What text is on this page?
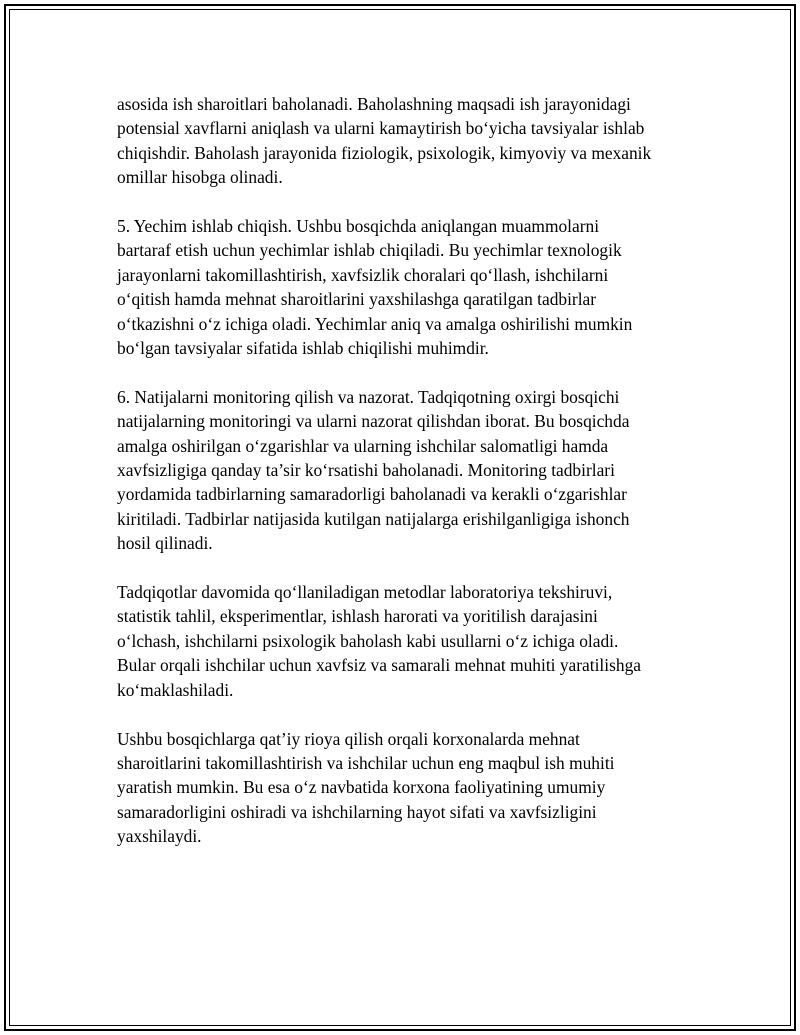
asosida ish sharoitlari baholanadi. Baholashning maqsadi ish jarayonidagi
potensial xavflarni aniqlash va ularni kamaytirish bo‘yicha tavsiyalar ishlab
chiqishdir. Baholash jarayonida fiziologik, psixologik, kimyoviy va mexanik
omillar hisobga olinadi.

5. Yechim ishlab chiqish. Ushbu bosqichda aniqlangan muammolarni
bartaraf etish uchun yechimlar ishlab chiqiladi. Bu yechimlar texnologik
jarayonlarni takomillashtirish, xavfsizlik choralari qo‘llash, ishchilarni
o‘qitish hamda mehnat sharoitlarini yaxshilashga qaratilgan tadbirlar
o‘tkazishni o‘z ichiga oladi. Yechimlar aniq va amalga oshirilishi mumkin
bo‘lgan tavsiyalar sifatida ishlab chiqilishi muhimdir.

6. Natijalarni monitoring qilish va nazorat. Tadqiqotning oxirgi bosqichi
natijalarning monitoringi va ularni nazorat qilishdan iborat. Bu bosqichda
amalga oshirilgan o‘zgarishlar va ularning ishchilar salomatligi hamda
xavfsizligiga qanday ta’sir ko‘rsatishi baholanadi. Monitoring tadbirlari
yordamida tadbirlarning samaradorligi baholanadi va kerakli o‘zgarishlar
kiritiladi. Tadbirlar natijasida kutilgan natijalarga erishilganligiga ishonch
hosil qilinadi.

Tadqiqotlar davomida qo‘llaniladigan metodlar laboratoriya tekshiruvi,
statistik tahlil, eksperimentlar, ishlash harorati va yoritilish darajasini
o‘lchash, ishchilarni psixologik baholash kabi usullarni o‘z ichiga oladi.
Bular orqali ishchilar uchun xavfsiz va samarali mehnat muhiti yaratilishga
ko‘maklashiladi.

Ushbu bosqichlarga qat’iy rioya qilish orqali korxonalarda mehnat
sharoitlarini takomillashtirish va ishchilar uchun eng maqbul ish muhiti
yaratish mumkin. Bu esa o‘z navbatida korxona faoliyatining umumiy
samaradorligini oshiradi va ishchilarning hayot sifati va xavfsizligini
yaxshilaydi.
